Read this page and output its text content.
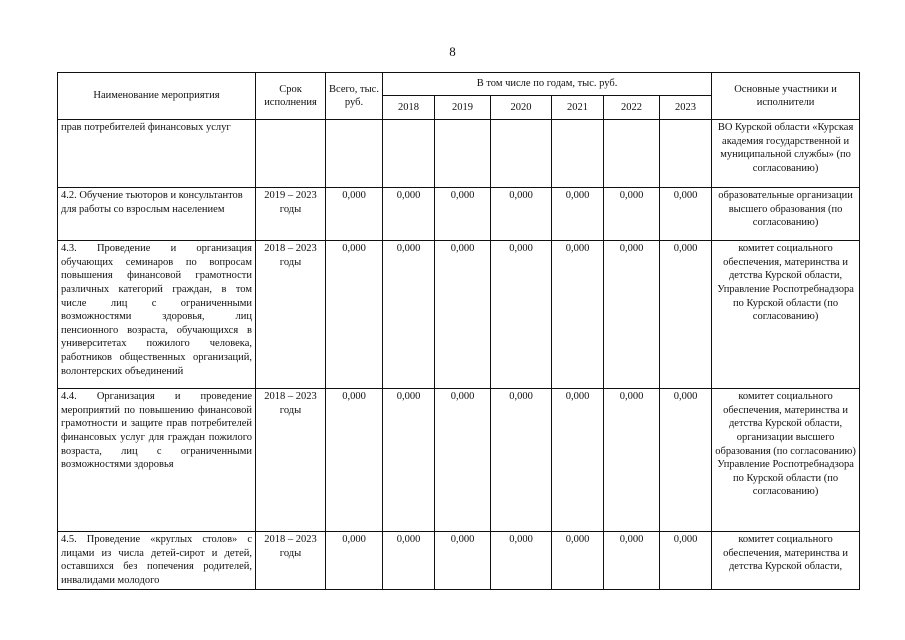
8
Наименование мероприятия	Срок исполнения	Всего, тыс. руб.	В том числе по годам, тыс. руб.						Основные участники и исполнители
			2018	2019	2020	2021	2022	2023	
прав потребителей финансовых услуг									ВО Курской области «Курская академия государственной и муниципальной службы» (по согласованию)
4.2. Обучение тьюторов и консультантов для работы со взрослым населением	2019 – 2023 годы	0,000	0,000	0,000	0,000	0,000	0,000	0,000	образовательные организации высшего образования (по согласованию)
4.3. Проведение и организация обучающих семинаров по вопросам повышения финансовой грамотности различных категорий граждан, в том числе лиц с ограниченными возможностями здоровья, лиц пенсионного возраста, обучающихся в университетах пожилого человека, работников общественных организаций, волонтерских объединений	2018 – 2023 годы	0,000	0,000	0,000	0,000	0,000	0,000	0,000	комитет социального обеспечения, материнства и детства Курской области, Управление Роспотребнадзора по Курской области (по согласованию)
4.4. Организация и проведение мероприятий по повышению финансовой грамотности и защите прав потребителей финансовых услуг для граждан пожилого возраста, лиц с ограниченными возможностями здоровья	2018 – 2023 годы	0,000	0,000	0,000	0,000	0,000	0,000	0,000	комитет социального обеспечения, материнства и детства Курской области, организации высшего образования (по согласованию) Управление Роспотребнадзора по Курской области (по согласованию)
4.5. Проведение «круглых столов» с лицами из числа детей-сирот и детей, оставшихся без попечения родителей, инвалидами молодого	2018 – 2023 годы	0,000	0,000	0,000	0,000	0,000	0,000	0,000	комитет социального обеспечения, материнства и детства Курской области,
